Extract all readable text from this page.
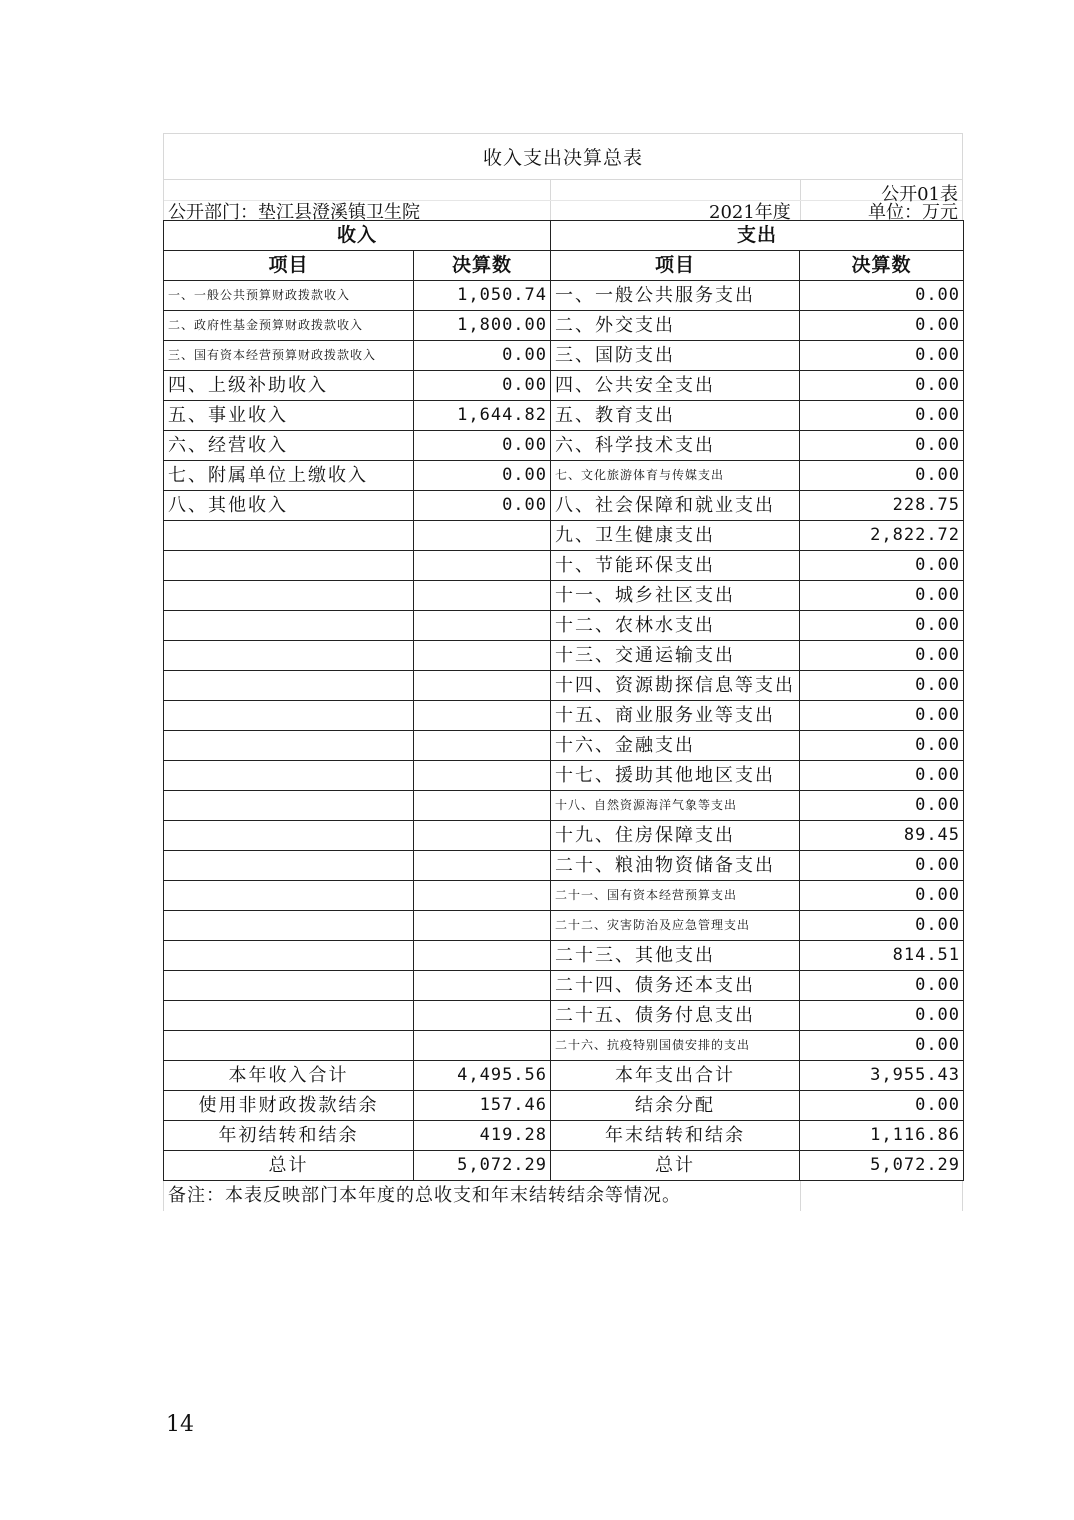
收入支出决算总表
公开01表
公开部门：垫江县澄溪镇卫生院	2021年度	单位：万元
收入		支出	
项目	决算数	项目	决算数
一、一般公共预算财政拨款收入	1,050.74	一、一般公共服务支出	0.00
二、政府性基金预算财政拨款收入	1,800.00	二、外交支出	0.00
三、国有资本经营预算财政拨款收入	0.00	三、国防支出	0.00
四、上级补助收入	0.00	四、公共安全支出	0.00
五、事业收入	1,644.82	五、教育支出	0.00
六、经营收入	0.00	六、科学技术支出	0.00
七、附属单位上缴收入	0.00	七、文化旅游体育与传媒支出	0.00
八、其他收入	0.00	八、社会保障和就业支出	228.75
		九、卫生健康支出	2,822.72
		十、节能环保支出	0.00
		十一、城乡社区支出	0.00
		十二、农林水支出	0.00
		十三、交通运输支出	0.00
		十四、资源勘探信息等支出	0.00
		十五、商业服务业等支出	0.00
		十六、金融支出	0.00
		十七、援助其他地区支出	0.00
		十八、自然资源海洋气象等支出	0.00
		十九、住房保障支出	89.45
		二十、粮油物资储备支出	0.00
		二十一、国有资本经营预算支出	0.00
		二十二、灾害防治及应急管理支出	0.00
		二十三、其他支出	814.51
		二十四、债务还本支出	0.00
		二十五、债务付息支出	0.00
		二十六、抗疫特别国债安排的支出	0.00
本年收入合计	4,495.56	本年支出合计	3,955.43
使用非财政拨款结余	157.46	结余分配	0.00
年初结转和结余	419.28	年末结转和结余	1,116.86
总计	5,072.29	总计	5,072.29
备注：本表反映部门本年度的总收支和年末结转结余等情况。
14
